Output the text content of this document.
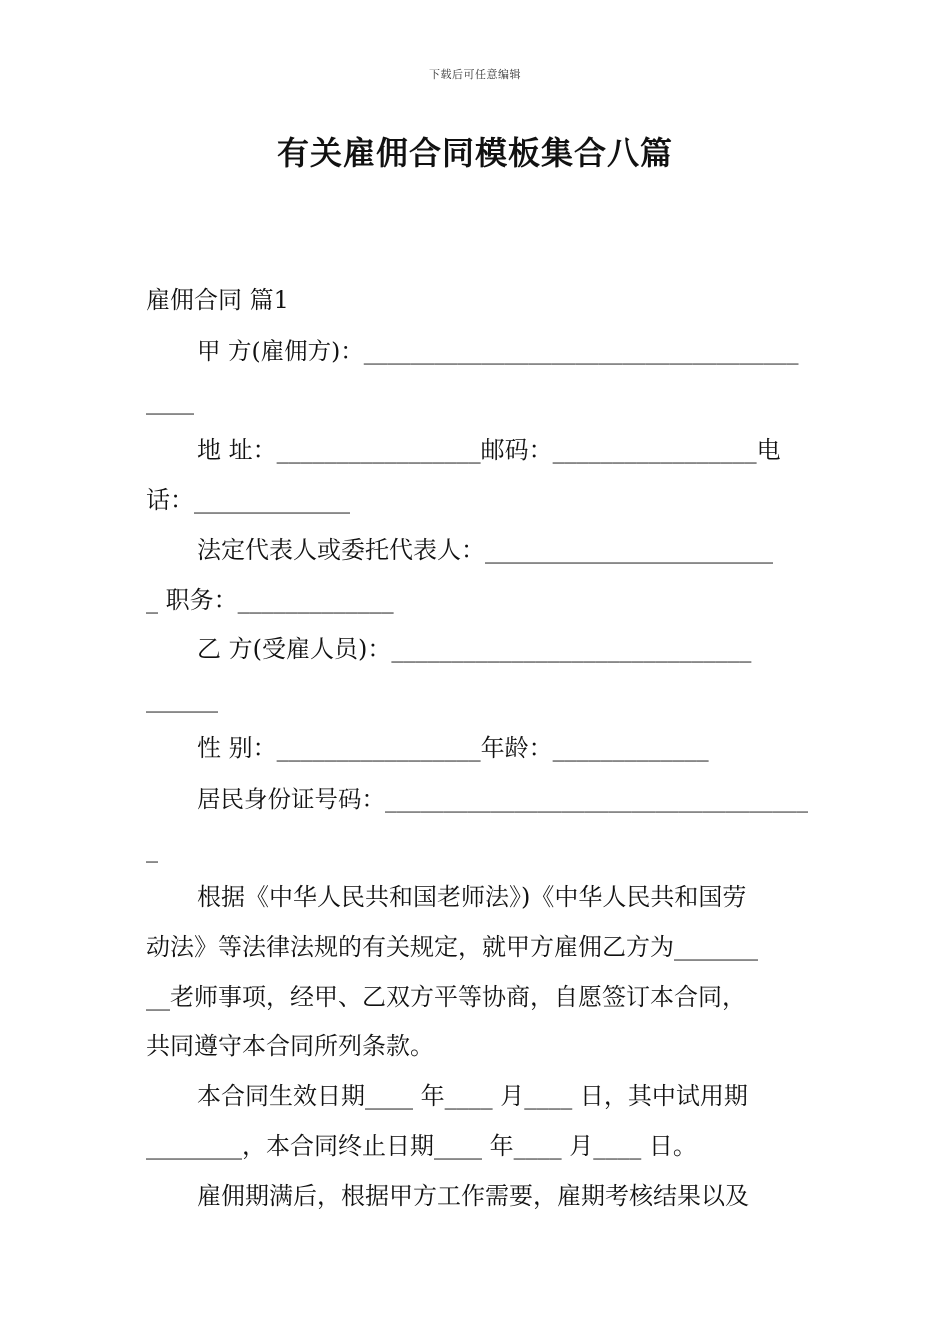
下载后可任意编辑
有关雇佣合同模板集合八篇
雇佣合同 篇1
甲 方(雇佣方)：_____________________________________
____
地 址：_________________邮码：_________________电
话：_____________
法定代表人或委托代表人：________________________
_ 职务：_____________
乙 方(受雇人员)：______________________________
______
性 别：_________________年龄：_____________
居民身份证号码：____________________________________
_
根据《中华人民共和国老师法》)《中华人民共和国劳
动法》等法律法规的有关规定，就甲方雇佣乙方为_______
__老师事项，经甲、乙双方平等协商，自愿签订本合同，
共同遵守本合同所列条款。
本合同生效日期____ 年____ 月____ 日，其中试用期
________，本合同终止日期____ 年____ 月____ 日。
雇佣期满后，根据甲方工作需要，雇期考核结果以及
